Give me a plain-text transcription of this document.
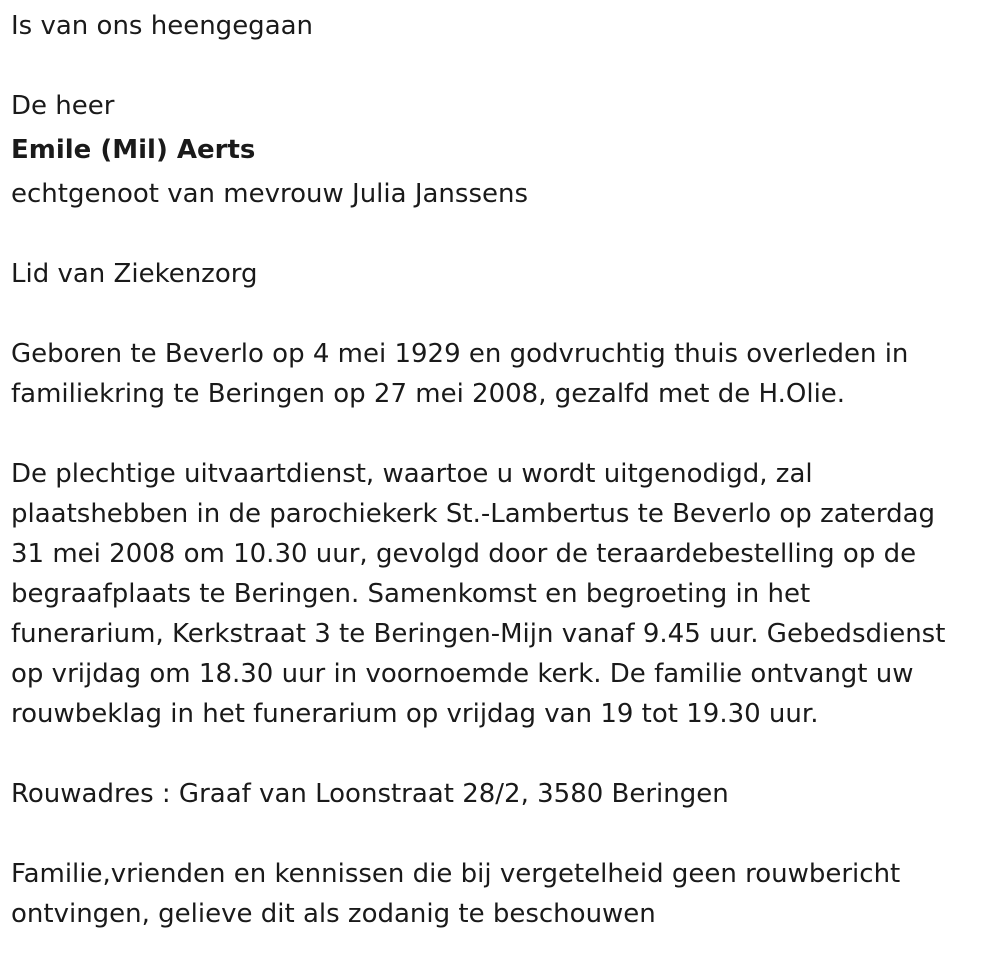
Is van ons heengegaan

De heer

Emile (Mil) Aerts

echtgenoot van mevrouw Julia Janssens

Lid van Ziekenzorg

Geboren te Beverlo op 4 mei 1929 en godvruchtig thuis overleden in
familiekring te Beringen op 27 mei 2008, gezalfd met de H.Olie.

De plechtige uitvaartdienst, waartoe u wordt uitgenodigd, zal
plaatshebben in de parochiekerk St.-Lambertus te Beverlo op zaterdag
31 mei 2008 om 10.30 uur, gevolgd door de teraardebestelling op de
begraafplaats te Beringen. Samenkomst en begroeting in het
funerarium, Kerkstraat 3 te Beringen-Mijn vanaf 9.45 uur. Gebedsdienst
op vrijdag om 18.30 uur in voornoemde kerk. De familie ontvangt uw
rouwbeklag in het funerarium op vrijdag van 19 tot 19.30 uur.

Rouwadres : Graaf van Loonstraat 28/2, 3580 Beringen

Familie,vrienden en kennissen die bij vergetelheid geen rouwbericht
ontvingen, gelieve dit als zodanig te beschouwen
